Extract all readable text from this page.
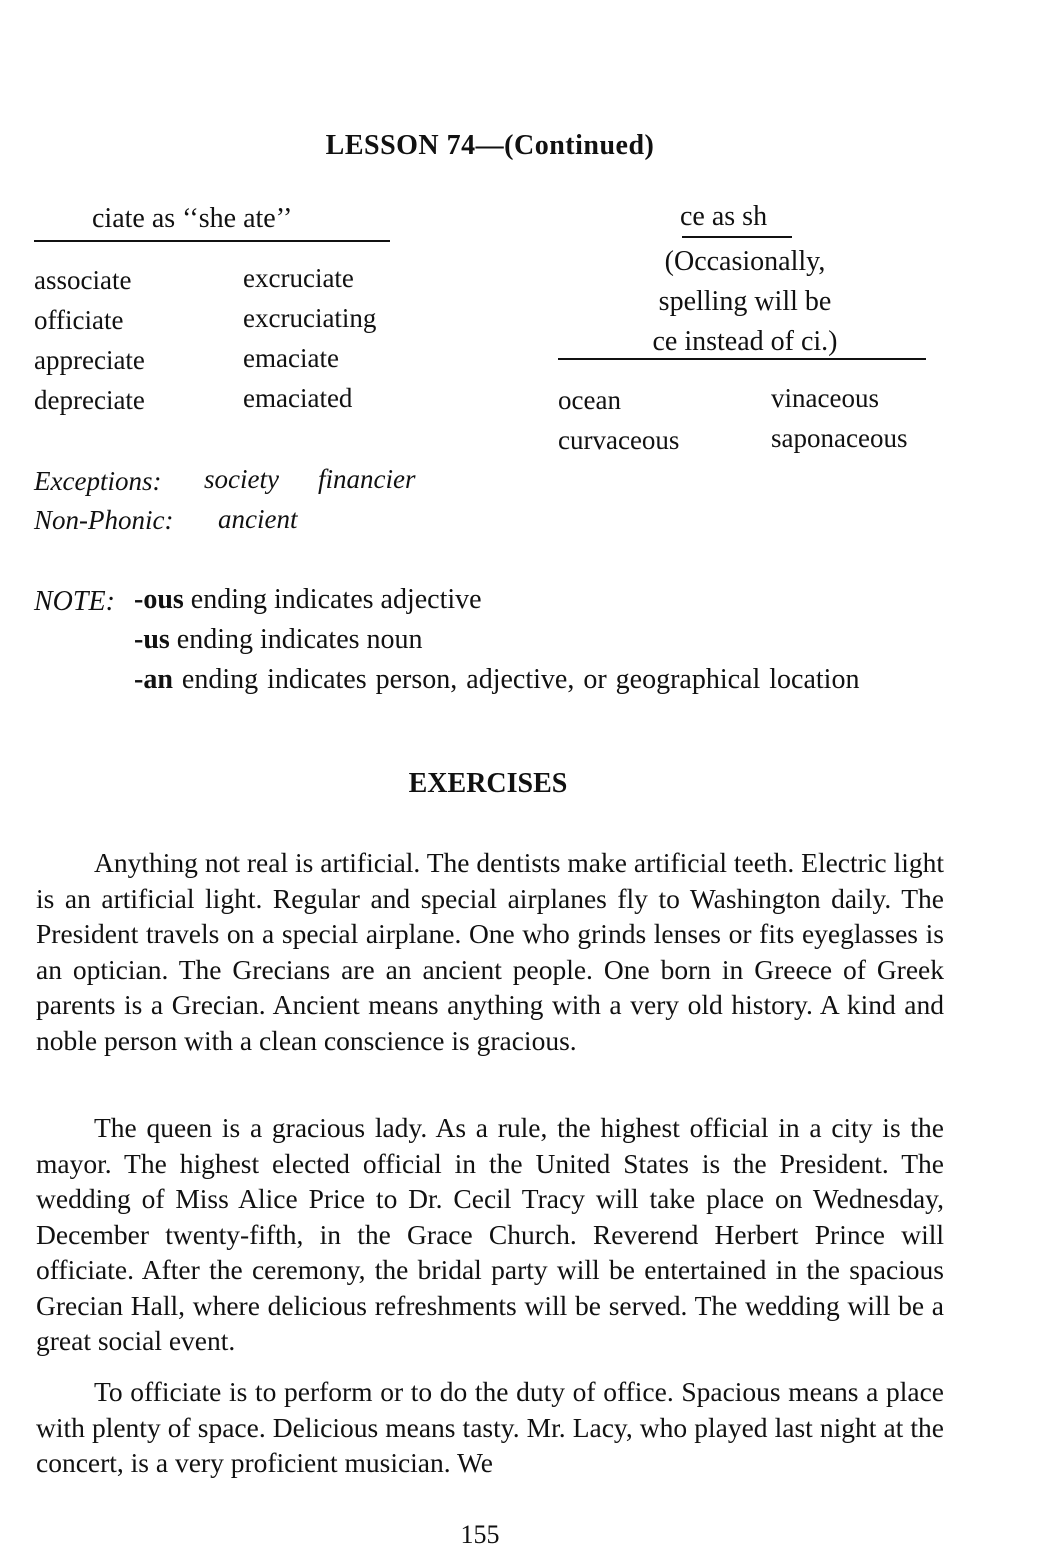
LESSON 74—(Continued)
ciate as ‘‘she ate’’
associate
officiate
appreciate
depreciate
excruciate
excruciating
emaciate
emaciated
Exceptions: society financier
Non-Phonic: ancient
ce as sh
(Occasionally,
spelling will be
ce instead of ci.)
ocean
curvaceous
vinaceous
saponaceous
NOTE: -ous ending indicates adjective
-us ending indicates noun
-an ending indicates person, adjective, or geographical location
EXERCISES
Anything not real is artificial. The dentists make artificial teeth. Electric light is an artificial light. Regular and special airplanes fly to Washington daily. The President travels on a special airplane. One who grinds lenses or fits eyeglasses is an optician. The Grecians are an ancient people. One born in Greece of Greek parents is a Grecian. Ancient means anything with a very old history. A kind and noble person with a clean conscience is gracious.
The queen is a gracious lady. As a rule, the highest official in a city is the mayor. The highest elected official in the United States is the President. The wedding of Miss Alice Price to Dr. Cecil Tracy will take place on Wednesday, December twenty-fifth, in the Grace Church. Reverend Herbert Prince will officiate. After the ceremony, the bridal party will be entertained in the spacious Grecian Hall, where delicious refreshments will be served. The wedding will be a great social event.
To officiate is to perform or to do the duty of office. Spacious means a place with plenty of space. Delicious means tasty. Mr. Lacy, who played last night at the concert, is a very proficient musician. We
155
